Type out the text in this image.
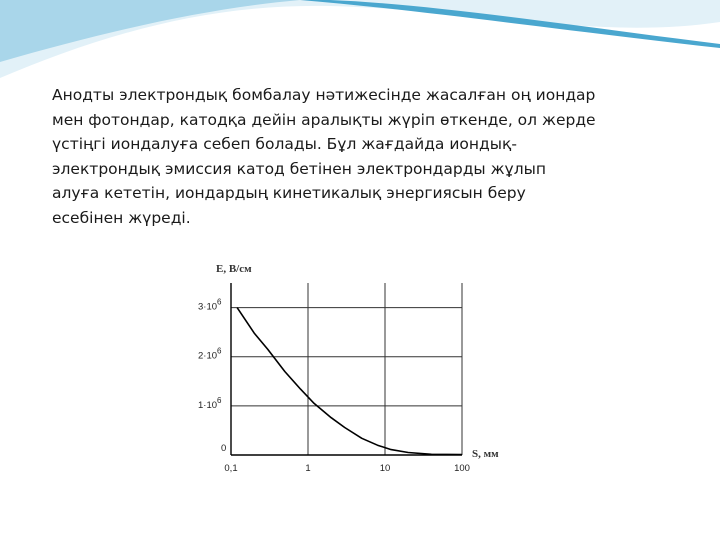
Анодты электрондық бомбалау нәтижесінде жасалған оң иондар
мен фотондар, катодқа дейін аралықты жүріп өткенде, ол жерде
үстіңгі иондалуға себеп болады. Бұл жағдайда иондық-
электрондық эмиссия катод бетінен электрондарды жұлып
алуға кететін, иондардың кинетикалық энергиясын беру
есебінен жүреді.

E, В/см
S, мм
0,1	1	10	100
0
$1\cdot 10^6$
$2\cdot 10^6$
$3\cdot 10^6$
